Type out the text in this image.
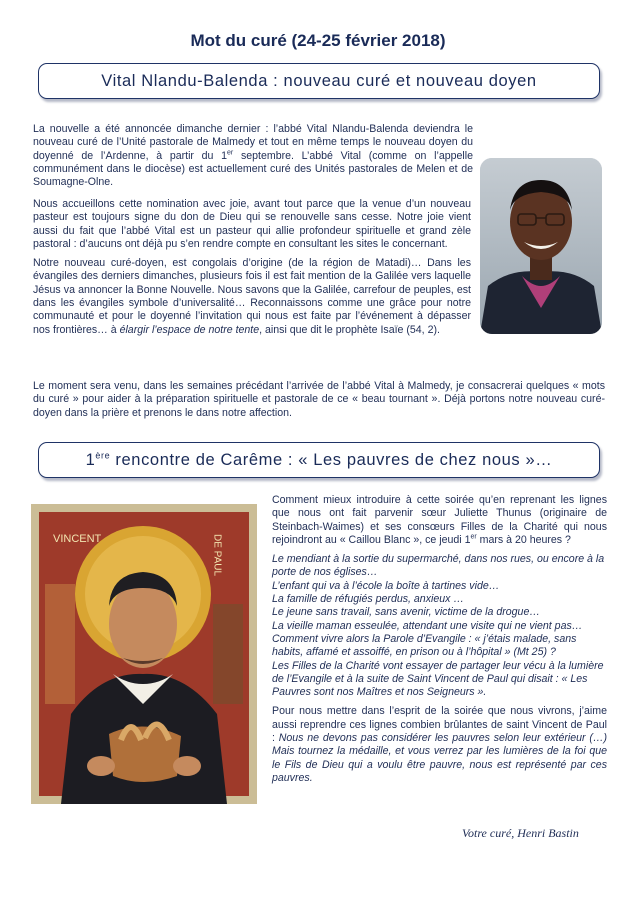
Mot du curé (24-25 février 2018)
Vital Nlandu-Balenda : nouveau curé et nouveau doyen

La nouvelle a été annoncée dimanche dernier : l’abbé Vital Nlandu-Balenda deviendra le nouveau curé de l’Unité pastorale de Malmedy et tout en même temps le nouveau doyen du doyenné de l’Ardenne, à partir du 1er septembre. L’abbé Vital (comme on l’appelle communément dans le diocèse) est actuellement curé des Unités pastorales de Melen et de Soumagne-Olne.

Nous accueillons cette nomination avec joie, avant tout parce que la venue d’un nouveau pasteur est toujours signe du don de Dieu qui se renouvelle sans cesse. Notre joie vient aussi du fait que l’abbé Vital est un pasteur qui allie profondeur spirituelle et grand zèle pastoral : d’aucuns ont déjà pu s’en rendre compte en consultant les sites le concernant.

Notre nouveau curé-doyen, est congolais d’origine (de la région de Matadi)… Dans les évangiles des derniers dimanches, plusieurs fois il est fait mention de la Galilée vers laquelle Jésus va annoncer la Bonne Nouvelle. Nous savons que la Galilée, carrefour de peuples, est dans les évangiles symbole d’universalité… Reconnaissons comme une grâce pour notre communauté et pour le doyenné l’invitation qui nous est faite par l’événement à dépasser nos frontières… à élargir l’espace de notre tente, ainsi que dit le prophète Isaïe (54, 2).

Le moment sera venu, dans les semaines précédant l’arrivée de l’abbé Vital à Malmedy, je consacrerai quelques « mots du curé » pour aider à la préparation spirituelle et pastorale de ce « beau tournant ». Déjà portons notre nouveau curé-doyen dans la prière et prenons le dans notre affection.

1ère rencontre de Carême : « Les pauvres de chez nous »…
VINCENT	DE PAUL

Comment mieux introduire à cette soirée qu’en reprenant les lignes que nous ont fait parvenir sœur Juliette Thunus (originaire de Steinbach-Waimes) et ses consœurs Filles de la Charité qui nous rejoindront au « Caillou Blanc », ce jeudi 1er mars à 20 heures ?

Le mendiant à la sortie du supermarché, dans nos rues, ou encore à la porte de nos églises…
L’enfant qui va à l’école la boîte à tartines vide…
La famille de réfugiés perdus, anxieux …
Le jeune sans travail, sans avenir, victime de la drogue…
La vieille maman esseulée, attendant une visite qui ne vient pas…
Comment vivre alors la Parole d’Evangile : « j’étais malade, sans habits, affamé et assoiffé, en prison ou à l’hôpital » (Mt 25) ?
Les Filles de la Charité vont essayer de partager leur vécu à la lumière de l’Evangile et à la suite de Saint Vincent de Paul qui disait : « Les Pauvres sont nos Maîtres et nos Seigneurs ».

Pour nous mettre dans l’esprit de la soirée que nous vivrons, j’aime aussi reprendre ces lignes combien brûlantes de saint Vincent de Paul : Nous ne devons pas considérer les pauvres selon leur extérieur (…) Mais tournez la médaille, et vous verrez par les lumières de la foi que le Fils de Dieu qui a voulu être pauvre, nous est représenté par ces pauvres.

Votre curé, Henri Bastin
